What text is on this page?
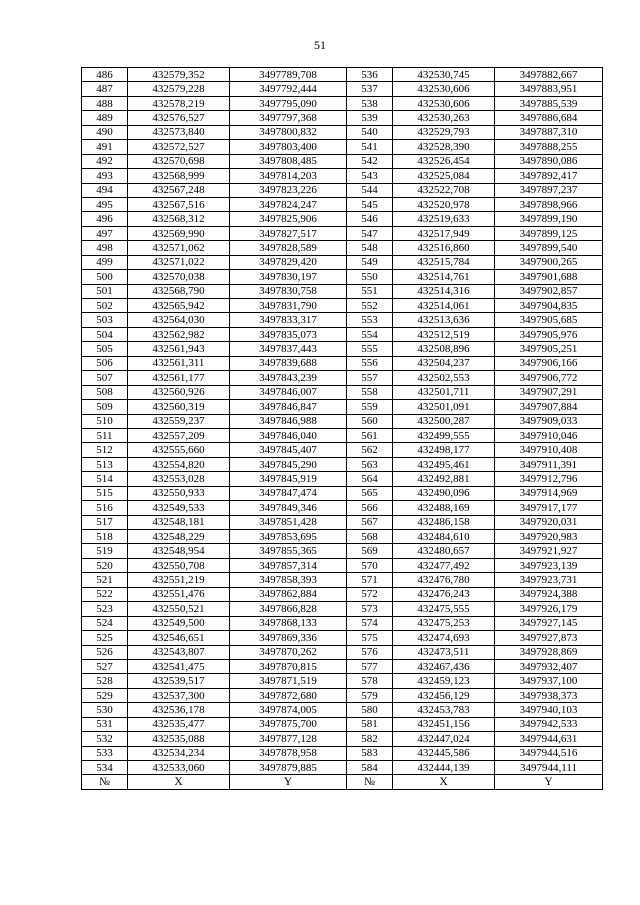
51
486	432579,352	3497789,708	536	432530,745	3497882,667
487	432579,228	3497792,444	537	432530,606	3497883,951
488	432578,219	3497795,090	538	432530,606	3497885,539
489	432576,527	3497797,368	539	432530,263	3497886,684
490	432573,840	3497800,832	540	432529,793	3497887,310
491	432572,527	3497803,400	541	432528,390	3497888,255
492	432570,698	3497808,485	542	432526,454	3497890,086
493	432568,999	3497814,203	543	432525,084	3497892,417
494	432567,248	3497823,226	544	432522,708	3497897,237
495	432567,516	3497824,247	545	432520,978	3497898,966
496	432568,312	3497825,906	546	432519,633	3497899,190
497	432569,990	3497827,517	547	432517,949	3497899,125
498	432571,062	3497828,589	548	432516,860	3497899,540
499	432571,022	3497829,420	549	432515,784	3497900,265
500	432570,038	3497830,197	550	432514,761	3497901,688
501	432568,790	3497830,758	551	432514,316	3497902,857
502	432565,942	3497831,790	552	432514,061	3497904,835
503	432564,030	3497833,317	553	432513,636	3497905,685
504	432562,982	3497835,073	554	432512,519	3497905,976
505	432561,943	3497837,443	555	432508,896	3497905,251
506	432561,311	3497839,688	556	432504,237	3497906,166
507	432561,177	3497843,239	557	432502,553	3497906,772
508	432560,926	3497846,007	558	432501,711	3497907,291
509	432560,319	3497846,847	559	432501,091	3497907,884
510	432559,237	3497846,988	560	432500,287	3497909,033
511	432557,209	3497846,040	561	432499,555	3497910,046
512	432555,660	3497845,407	562	432498,177	3497910,408
513	432554,820	3497845,290	563	432495,461	3497911,391
514	432553,028	3497845,919	564	432492,881	3497912,796
515	432550,933	3497847,474	565	432490,096	3497914,969
516	432549,533	3497849,346	566	432488,169	3497917,177
517	432548,181	3497851,428	567	432486,158	3497920,031
518	432548,229	3497853,695	568	432484,610	3497920,983
519	432548,954	3497855,365	569	432480,657	3497921,927
520	432550,708	3497857,314	570	432477,492	3497923,139
521	432551,219	3497858,393	571	432476,780	3497923,731
522	432551,476	3497862,884	572	432476,243	3497924,388
523	432550,521	3497866,828	573	432475,555	3497926,179
524	432549,500	3497868,133	574	432475,253	3497927,145
525	432546,651	3497869,336	575	432474,693	3497927,873
526	432543,807	3497870,262	576	432473,511	3497928,869
527	432541,475	3497870,815	577	432467,436	3497932,407
528	432539,517	3497871,519	578	432459,123	3497937,100
529	432537,300	3497872,680	579	432456,129	3497938,373
530	432536,178	3497874,005	580	432453,783	3497940,103
531	432535,477	3497875,700	581	432451,156	3497942,533
532	432535,088	3497877,128	582	432447,024	3497944,631
533	432534,234	3497878,958	583	432445,586	3497944,516
534	432533,060	3497879,885	584	432444,139	3497944,111
№	X	Y	№	X	Y
